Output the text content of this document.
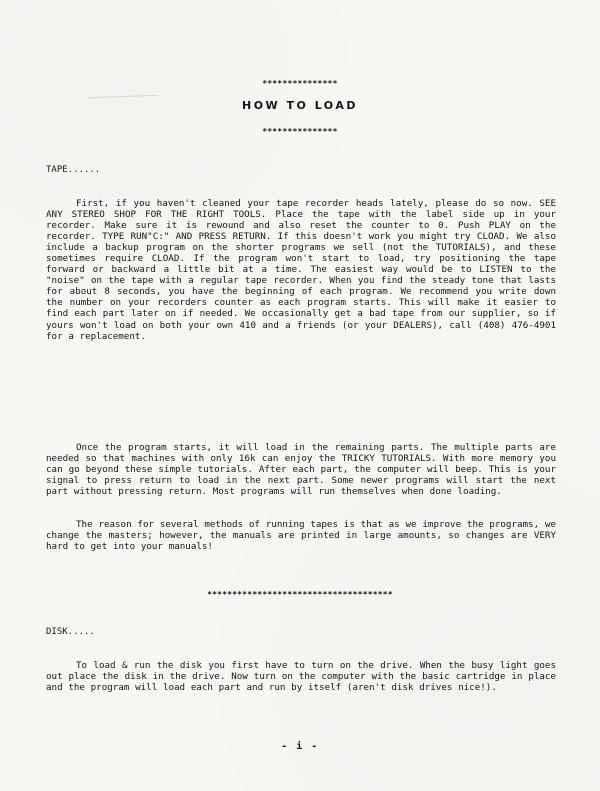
***************
HOW TO LOAD
***************
TAPE......
First, if you haven't cleaned your tape recorder heads lately, please do so now. SEE ANY STEREO SHOP FOR THE RIGHT TOOLS. Place the tape with the label side up in your recorder. Make sure it is rewound and also reset the counter to 0. Push PLAY on the recorder. TYPE RUN"C:" AND PRESS RETURN. If this doesn't work you might try CLOAD. We also include a backup program on the shorter programs we sell (not the TUTORIALS), and these sometimes require CLOAD. If the program won't start to load, try positioning the tape forward or backward a little bit at a time. The easiest way would be to LISTEN to the "noise" on the tape with a regular tape recorder. When you find the steady tone that lasts for about 8 seconds, you have the beginning of each program. We recommend you write down the number on your recorders counter as each program starts. This will make it easier to find each part later on if needed. We occasionally get a bad tape from our supplier, so if yours won't load on both your own 410 and a friends (or your DEALERS), call (408) 476-4901 for a replacement.
Once the program starts, it will load in the remaining parts. The multiple parts are needed so that machines with only 16k can enjoy the TRICKY TUTORIALS. With more memory you can go beyond these simple tutorials. After each part, the computer will beep. This is your signal to press return to load in the next part. Some newer programs will start the next part without pressing return. Most programs will run themselves when done loading.
The reason for several methods of running tapes is that as we improve the programs, we change the masters; however, the manuals are printed in large amounts, so changes are VERY hard to get into your manuals!
*************************************
DISK.....
To load & run the disk you first have to turn on the drive. When the busy light goes out place the disk in the drive. Now turn on the computer with the basic cartridge in place and the program will load each part and run by itself (aren't disk drives nice!).
- i -
